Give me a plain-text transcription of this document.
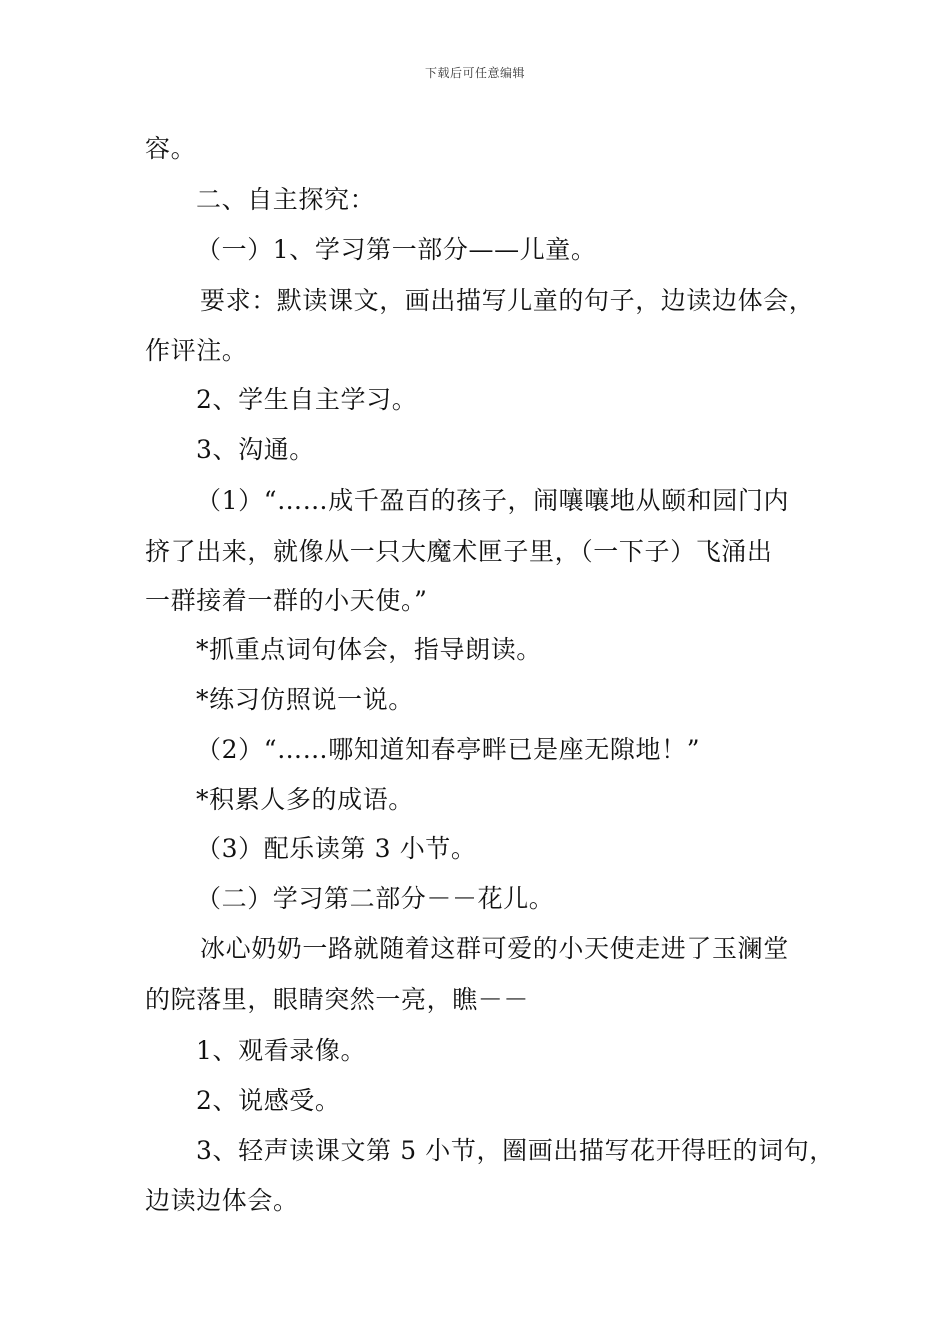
下载后可任意编辑
容。
二、自主探究：
（一）1、学习第一部分——儿童。
要求：默读课文，画出描写儿童的句子，边读边体会，
作评注。
2、学生自主学习。
3、沟通。
（1）“……成千盈百的孩子，闹嚷嚷地从颐和园门内
挤了出来，就像从一只大魔术匣子里，（一下子）飞涌出
一群接着一群的小天使。”
*抓重点词句体会，指导朗读。
*练习仿照说一说。
（2）“……哪知道知春亭畔已是座无隙地！”
*积累人多的成语。
（3）配乐读第 3 小节。
（二）学习第二部分－－花儿。
冰心奶奶一路就随着这群可爱的小天使走进了玉澜堂
的院落里，眼睛突然一亮，瞧－－
1、观看录像。
2、说感受。
3、轻声读课文第 5 小节，圈画出描写花开得旺的词句，
边读边体会。
